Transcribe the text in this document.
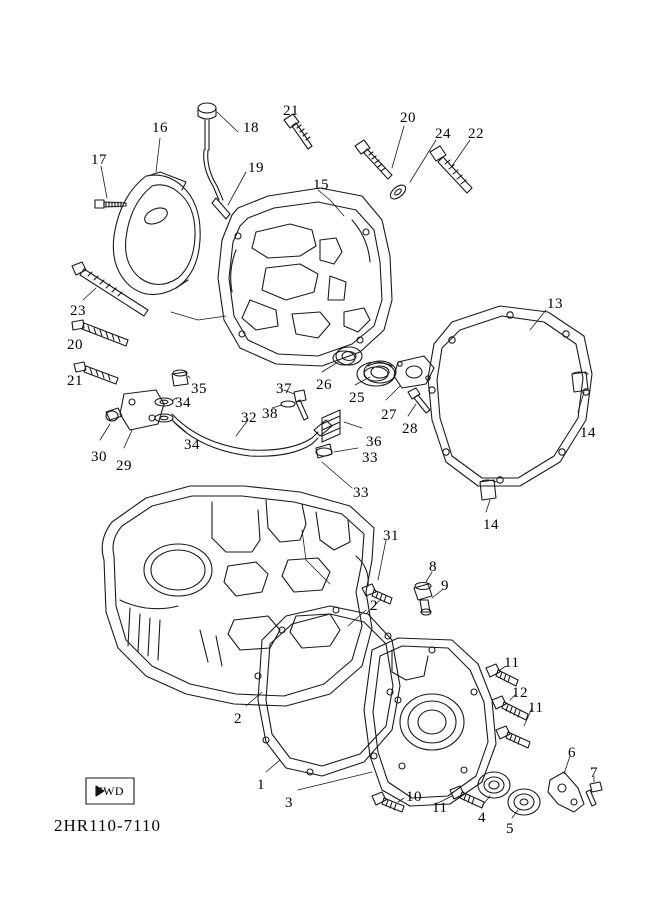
16	18
21	20
24 22
17	19
15
13
23
20
21	35	37 26
25
27
28	14
34
38
36
32
30
29
34
33
33
14
31
8
9
2
11
12
11
2
6
7
1
10
3	11
4
5
FWD
2HR110-7110
